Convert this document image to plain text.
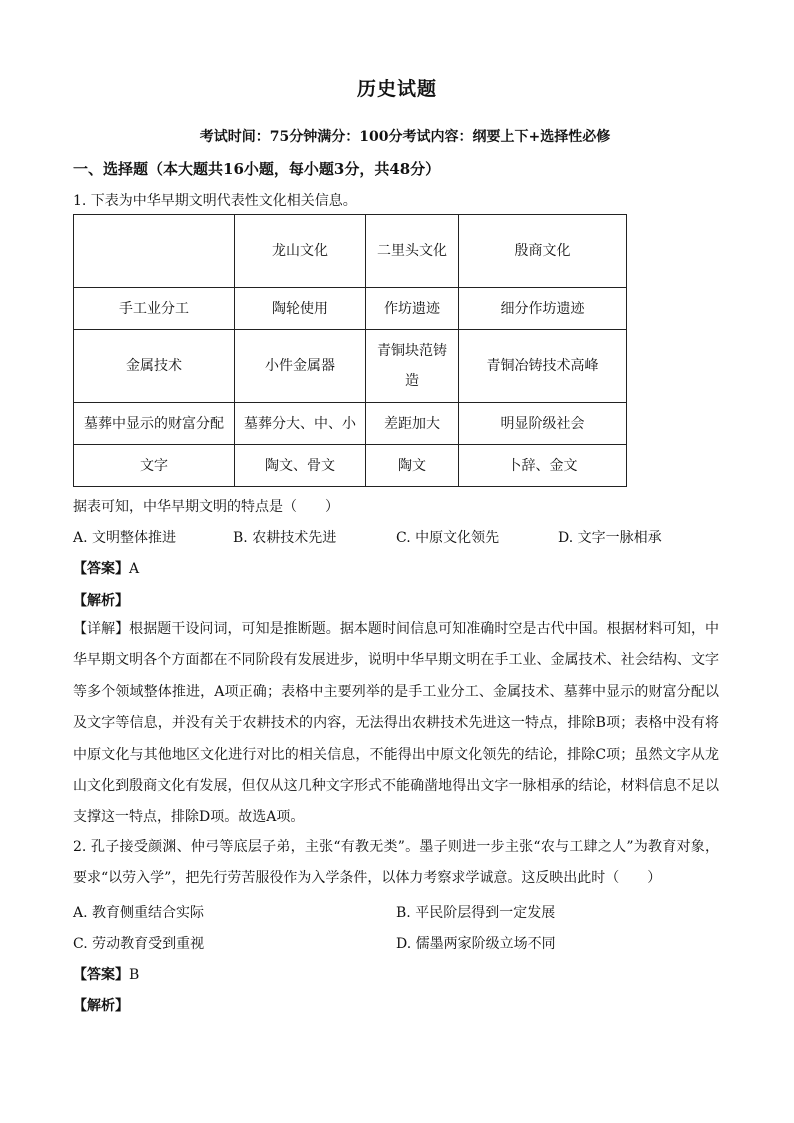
历史试题
考试时间：75分钟满分：100分考试内容：纲要上下+选择性必修
一、选择题（本大题共16小题，每小题3分，共48分）
1. 下表为中华早期文明代表性文化相关信息。
	龙山文化	二里头文化	殷商文化
手工业分工	陶轮使用	作坊遗迹	细分作坊遗迹
金属技术	小件金属器	青铜块范铸造	青铜冶铸技术高峰
墓葬中显示的财富分配	墓葬分大、中、小	差距加大	明显阶级社会
文字	陶文、骨文	陶文	卜辞、金文
据表可知，中华早期文明的特点是（　　）
A. 文明整体推进	B. 农耕技术先进	C. 中原文化领先	D. 文字一脉相承
【答案】A
【解析】
【详解】根据题干设问词，可知是推断题。据本题时间信息可知准确时空是古代中国。根据材料可知，中华早期文明各个方面都在不同阶段有发展进步，说明中华早期文明在手工业、金属技术、社会结构、文字等多个领域整体推进，A项正确；表格中主要列举的是手工业分工、金属技术、墓葬中显示的财富分配以及文字等信息，并没有关于农耕技术的内容，无法得出农耕技术先进这一特点，排除B项；表格中没有将中原文化与其他地区文化进行对比的相关信息，不能得出中原文化领先的结论，排除C项；虽然文字从龙山文化到殷商文化有发展，但仅从这几种文字形式不能确凿地得出文字一脉相承的结论，材料信息不足以支撑这一特点，排除D项。故选A项。
2. 孔子接受颜渊、仲弓等底层子弟，主张“有教无类”。墨子则进一步主张“农与工肆之人”为教育对象，要求“以劳入学”，把先行劳苦服役作为入学条件，以体力考察求学诚意。这反映出此时（　　）
A. 教育侧重结合实际	B. 平民阶层得到一定发展
C. 劳动教育受到重视	D. 儒墨两家阶级立场不同
【答案】B
【解析】
